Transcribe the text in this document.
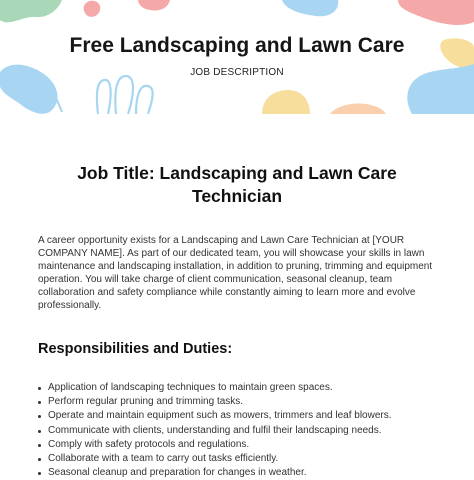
Free Landscaping and Lawn Care

JOB DESCRIPTION

Job Title: Landscaping and Lawn Care Technician

A career opportunity exists for a Landscaping and Lawn Care Technician at [YOUR COMPANY NAME]. As part of our dedicated team, you will showcase your skills in lawn maintenance and landscaping installation, in addition to pruning, trimming and equipment operation. You will take charge of client communication, seasonal cleanup, team collaboration and safety compliance while constantly aiming to learn more and evolve professionally.

Responsibilities and Duties:
Application of landscaping techniques to maintain green spaces.
Perform regular pruning and trimming tasks.
Operate and maintain equipment such as mowers, trimmers and leaf blowers.
Communicate with clients, understanding and fulfil their landscaping needs.
Comply with safety protocols and regulations.
Collaborate with a team to carry out tasks efficiently.
Seasonal cleanup and preparation for changes in weather.
